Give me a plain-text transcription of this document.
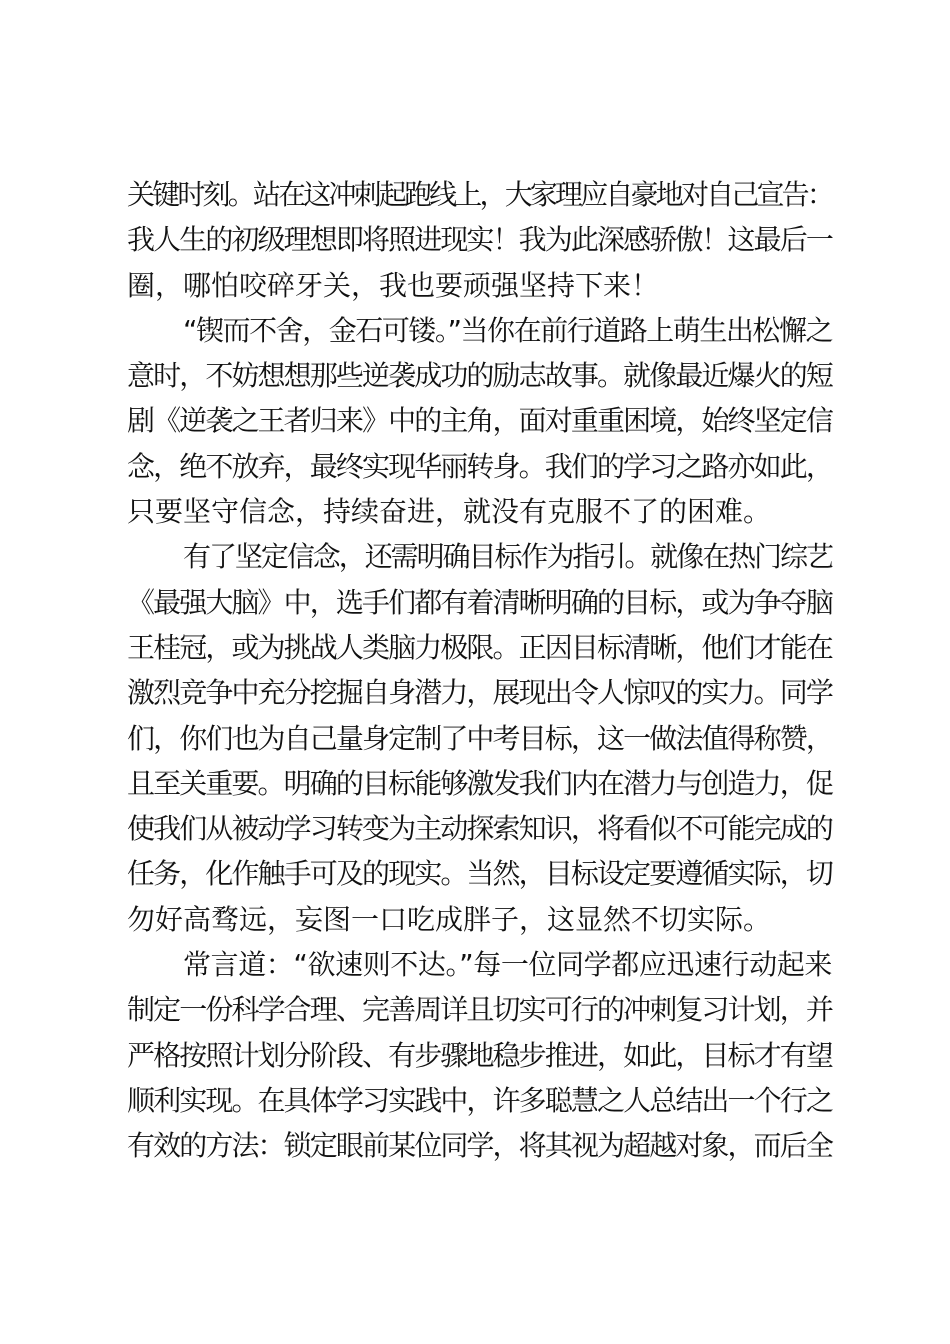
关键时刻。站在这冲刺起跑线上，大家理应自豪地对自己宣告：
我人生的初级理想即将照进现实！我为此深感骄傲！这最后一
圈，哪怕咬碎牙关，我也要顽强坚持下来！
“锲而不舍，金石可镂。”当你在前行道路上萌生出松懈之
意时，不妨想想那些逆袭成功的励志故事。就像最近爆火的短
剧《逆袭之王者归来》中的主角，面对重重困境，始终坚定信
念，绝不放弃，最终实现华丽转身。我们的学习之路亦如此，
只要坚守信念，持续奋进，就没有克服不了的困难。
有了坚定信念，还需明确目标作为指引。就像在热门综艺
《最强大脑》中，选手们都有着清晰明确的目标，或为争夺脑
王桂冠，或为挑战人类脑力极限。正因目标清晰，他们才能在
激烈竞争中充分挖掘自身潜力，展现出令人惊叹的实力。同学
们，你们也为自己量身定制了中考目标，这一做法值得称赞，
且至关重要。明确的目标能够激发我们内在潜力与创造力，促
使我们从被动学习转变为主动探索知识，将看似不可能完成的
任务，化作触手可及的现实。当然，目标设定要遵循实际，切
勿好高骛远，妄图一口吃成胖子，这显然不切实际。
常言道：“欲速则不达。”每一位同学都应迅速行动起来
制定一份科学合理、完善周详且切实可行的冲刺复习计划，并
严格按照计划分阶段、有步骤地稳步推进，如此，目标才有望
顺利实现。在具体学习实践中，许多聪慧之人总结出一个行之
有效的方法：锁定眼前某位同学，将其视为超越对象，而后全
